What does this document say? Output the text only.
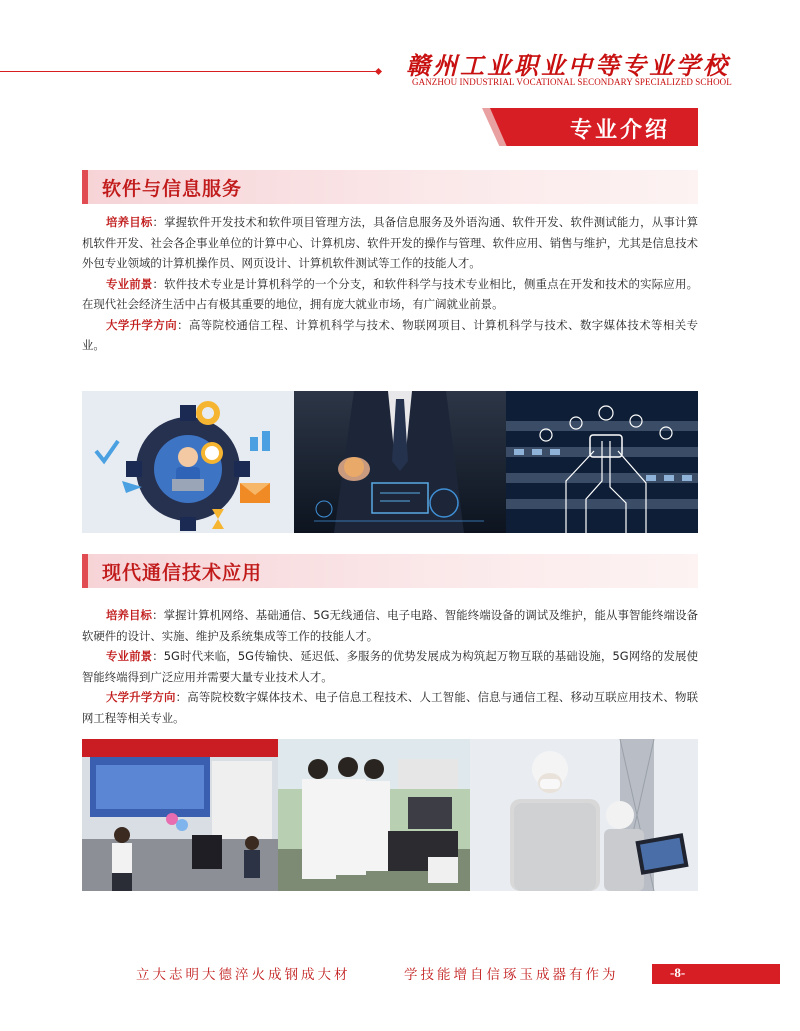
赣州工业职业中等专业学校
GANZHOU INDUSTRIAL VOCATIONAL SECONDARY SPECIALIZED SCHOOL
专业介绍
软件与信息服务

培养目标：掌握软件开发技术和软件项目管理方法，具备信息服务及外语沟通、软件开发、软件测试能力，从事计算机软件开发、社会各企事业单位的计算中心、计算机房、软件开发的操作与管理、软件应用、销售与维护，尤其是信息技术外包专业领域的计算机操作员、网页设计、计算机软件测试等工作的技能人才。

专业前景：软件技术专业是计算机科学的一个分支，和软件科学与技术专业相比，侧重点在开发和技术的实际应用。在现代社会经济生活中占有极其重要的地位，拥有庞大就业市场，有广阔就业前景。

大学升学方向：高等院校通信工程、计算机科学与技术、物联网项目、计算机科学与技术、数字媒体技术等相关专业。

现代通信技术应用

培养目标：掌握计算机网络、基础通信、5G无线通信、电子电路、智能终端设备的调试及维护，能从事智能终端设备软硬件的设计、实施、维护及系统集成等工作的技能人才。

专业前景：5G时代来临，5G传输快、延迟低、多服务的优势发展成为构筑起万物互联的基础设施，5G网络的发展使智能终端得到广泛应用并需要大量专业技术人才。

大学升学方向：高等院校数字媒体技术、电子信息工程技术、人工智能、信息与通信工程、移动互联应用技术、物联网工程等相关专业。

立大志明大德淬火成钢成大材	学技能增自信琢玉成器有作为	-8-
